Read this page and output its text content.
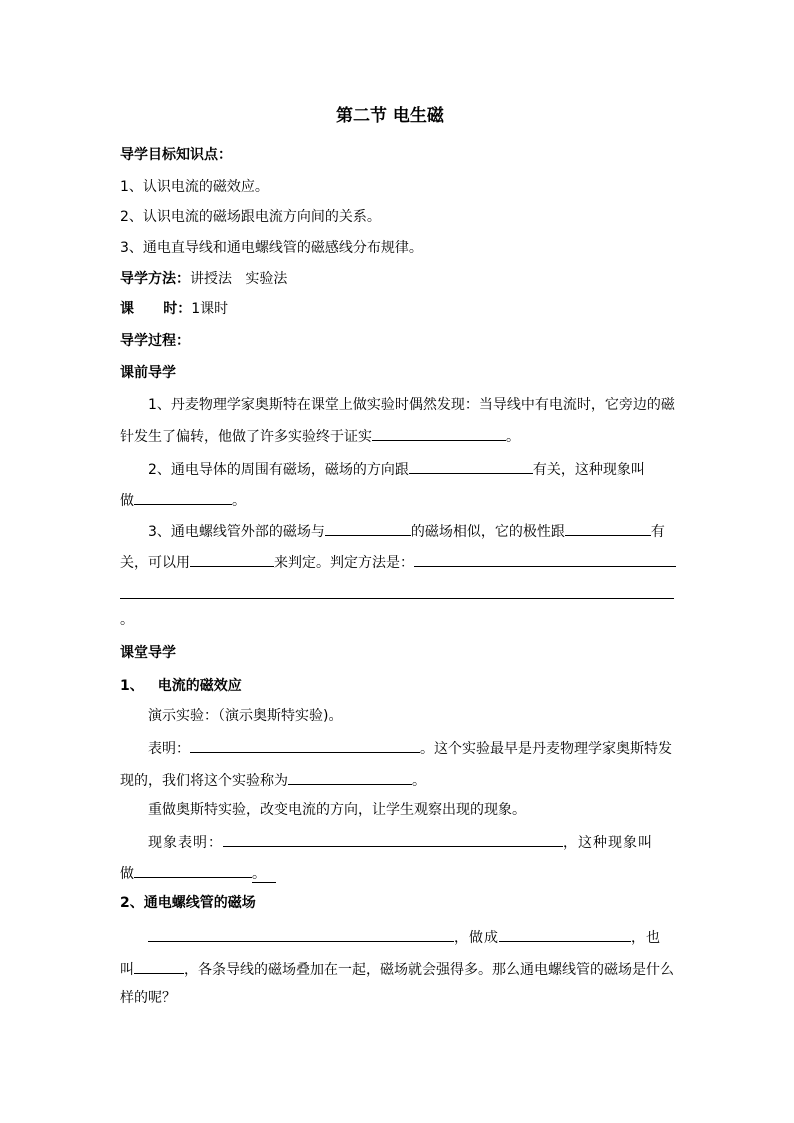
第二节 电生磁
导学目标知识点：
1、认识电流的磁效应。
2、认识电流的磁场跟电流方向间的关系。
3、通电直导线和通电螺线管的磁感线分布规律。
导学方法：讲授法   实验法
课      时：1课时
导学过程：
课前导学
1、丹麦物理学家奥斯特在课堂上做实验时偶然发现：当导线中有电流时，它旁边的磁
针发生了偏转，他做了许多实验终于证实	。
2、通电导体的周围有磁场，磁场的方向跟	有关，这种现象叫
做	。
3、通电螺线管外部的磁场与	的磁场相似，它的极性跟	有
关，可以用	来判定。判定方法是：
。
课堂导学
1、 电流的磁效应
演示实验：（演示奥斯特实验)。
表明：	。这个实验最早是丹麦物理学家奥斯特发
现的，我们将这个实验称为	。
重做奥斯特实验，改变电流的方向，让学生观察出现的现象。
现象表明：	，这种现象叫
做	。
2、通电螺线管的磁场
，做成	，也
叫	，各条导线的磁场叠加在一起，磁场就会强得多。那么通电螺线管的磁场是什么
样的呢？
